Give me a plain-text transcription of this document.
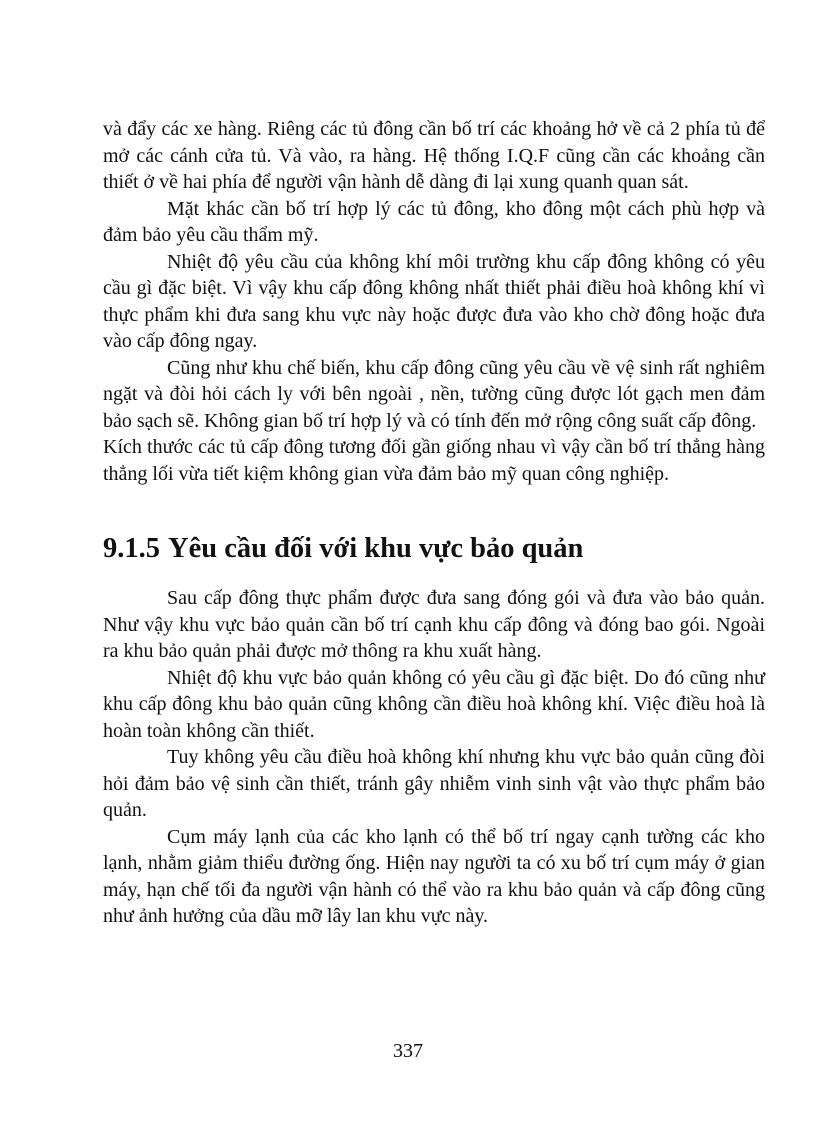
và đẩy các xe hàng. Riêng các tủ đông cần bố trí các khoảng hở về cả 2 phía tủ để mở các cánh cửa tủ. Và vào, ra hàng. Hệ thống I.Q.F cũng cần các khoảng cần thiết ở về hai phía để người vận hành dễ dàng đi lại xung quanh quan sát.

Mặt khác cần bố trí hợp lý các tủ đông, kho đông một cách phù hợp và đảm bảo yêu cầu thẩm mỹ.

Nhiệt độ yêu cầu của không khí môi trường khu cấp đông không có yêu cầu gì đặc biệt. Vì vậy khu cấp đông không nhất thiết phải điều hoà không khí vì thực phẩm khi đưa sang khu vực này hoặc được đưa vào kho chờ đông hoặc đưa vào cấp đông ngay.

Cũng như khu chế biến, khu cấp đông cũng yêu cầu về vệ sinh rất nghiêm ngặt và đòi hỏi cách ly với bên ngoài , nền, tường cũng được lót gạch men đảm bảo sạch sẽ. Không gian bố trí hợp lý và có tính đến mở rộng công suất cấp đông.

Kích thước các tủ cấp đông tương đối gần giống nhau vì vậy cần bố trí thẳng hàng thẳng lối vừa tiết kiệm không gian vừa đảm bảo mỹ quan công nghiệp.

9.1.5 Yêu cầu đối với khu vực bảo quản

Sau cấp đông thực phẩm được đưa sang đóng gói và đưa vào bảo quản. Như vậy khu vực bảo quản cần bố trí cạnh khu cấp đông và đóng bao gói. Ngoài ra khu bảo quản phải được mở thông ra khu xuất hàng.

Nhiệt độ khu vực bảo quản không có yêu cầu gì đặc biệt. Do đó cũng như khu cấp đông khu bảo quản cũng không cần điều hoà không khí. Việc điều hoà là hoàn toàn không cần thiết.

Tuy không yêu cầu điều hoà không khí nhưng khu vực bảo quản cũng đòi hỏi đảm bảo vệ sinh cần thiết, tránh gây nhiễm vinh sinh vật vào thực phẩm bảo quản.

Cụm máy lạnh của các kho lạnh có thể bố trí ngay cạnh tường các kho lạnh, nhằm giảm thiểu đường ống. Hiện nay người ta có xu bố trí cụm máy ở gian máy, hạn chế tối đa người vận hành có thể vào ra khu bảo quản và cấp đông cũng như ảnh hưởng của dầu mỡ lây lan khu vực này.

337
